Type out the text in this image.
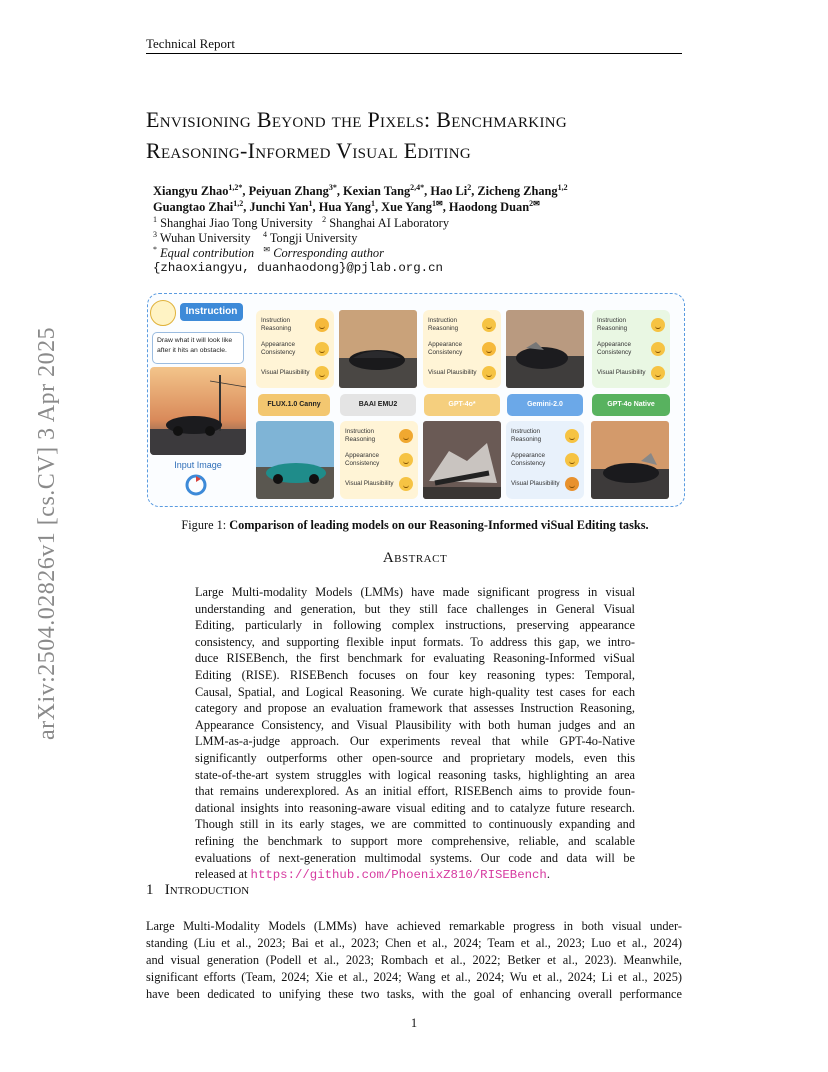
Technical Report
arXiv:2504.02826v1 [cs.CV] 3 Apr 2025
Envisioning Beyond the Pixels: Benchmarking
Reasoning-Informed Visual Editing
Xiangyu Zhao$^{1,2*}$, Peiyuan Zhang$^{3*}$, Kexian Tang$^{2,4*}$, Hao Li$^2$, Zicheng Zhang$^{1,2}$
Guangtao Zhai$^{1,2}$, Junchi Yan$^1$, Hua Yang$^1$, Xue Yang$^{1✉}$, Haodong Duan$^{2✉}$
$^1$ Shanghai Jiao Tong University $^2$ Shanghai AI Laboratory
$^3$ Wuhan University $^4$ Tongji University
* Equal contribution ✉ Corresponding author
{zhaoxiangyu, duanhaodong}@pjlab.org.cn
Instruction
Draw what it will look like after it hits an obstacle.
Input Image
Instruction Reasoning
Appearance Consistency
Visual Plausibility
Instruction Reasoning
Appearance Consistency
Visual Plausibility
Instruction Reasoning
Appearance Consistency
Visual Plausibility
FLUX.1.0 Canny	BAAI EMU2	GPT-4o*	Gemini-2.0	GPT-4o Native
Instruction Reasoning
Appearance Consistency
Visual Plausibility
Instruction Reasoning
Appearance Consistency
Visual Plausibility
Figure 1: Comparison of leading models on our Reasoning-Informed viSual Editing tasks.
Abstract
Large Multi-modality Models (LMMs) have made significant progress in visual
understanding and generation, but they still face challenges in General Visual
Editing, particularly in following complex instructions, preserving appearance
consistency, and supporting flexible input formats. To address this gap, we intro-
duce RISEBench, the first benchmark for evaluating Reasoning-Informed viSual
Editing (RISE). RISEBench focuses on four key reasoning types: Temporal,
Causal, Spatial, and Logical Reasoning. We curate high-quality test cases for each
category and propose an evaluation framework that assesses Instruction Reasoning,
Appearance Consistency, and Visual Plausibility with both human judges and an
LMM-as-a-judge approach. Our experiments reveal that while GPT-4o-Native
significantly outperforms other open-source and proprietary models, even this
state-of-the-art system struggles with logical reasoning tasks, highlighting an area
that remains underexplored. As an initial effort, RISEBench aims to provide foun-
dational insights into reasoning-aware visual editing and to catalyze future research.
Though still in its early stages, we are committed to continuously expanding and
refining the benchmark to support more comprehensive, reliable, and scalable
evaluations of next-generation multimodal systems. Our code and data will be
released at https://github.com/PhoenixZ810/RISEBench.
1 Introduction
Large Multi-Modality Models (LMMs) have achieved remarkable progress in both visual under-
standing (Liu et al., 2023; Bai et al., 2023; Chen et al., 2024; Team et al., 2023; Luo et al., 2024)
and visual generation (Podell et al., 2023; Rombach et al., 2022; Betker et al., 2023). Meanwhile,
significant efforts (Team, 2024; Xie et al., 2024; Wang et al., 2024; Wu et al., 2024; Li et al., 2025)
have been dedicated to unifying these two tasks, with the goal of enhancing overall performance
1
